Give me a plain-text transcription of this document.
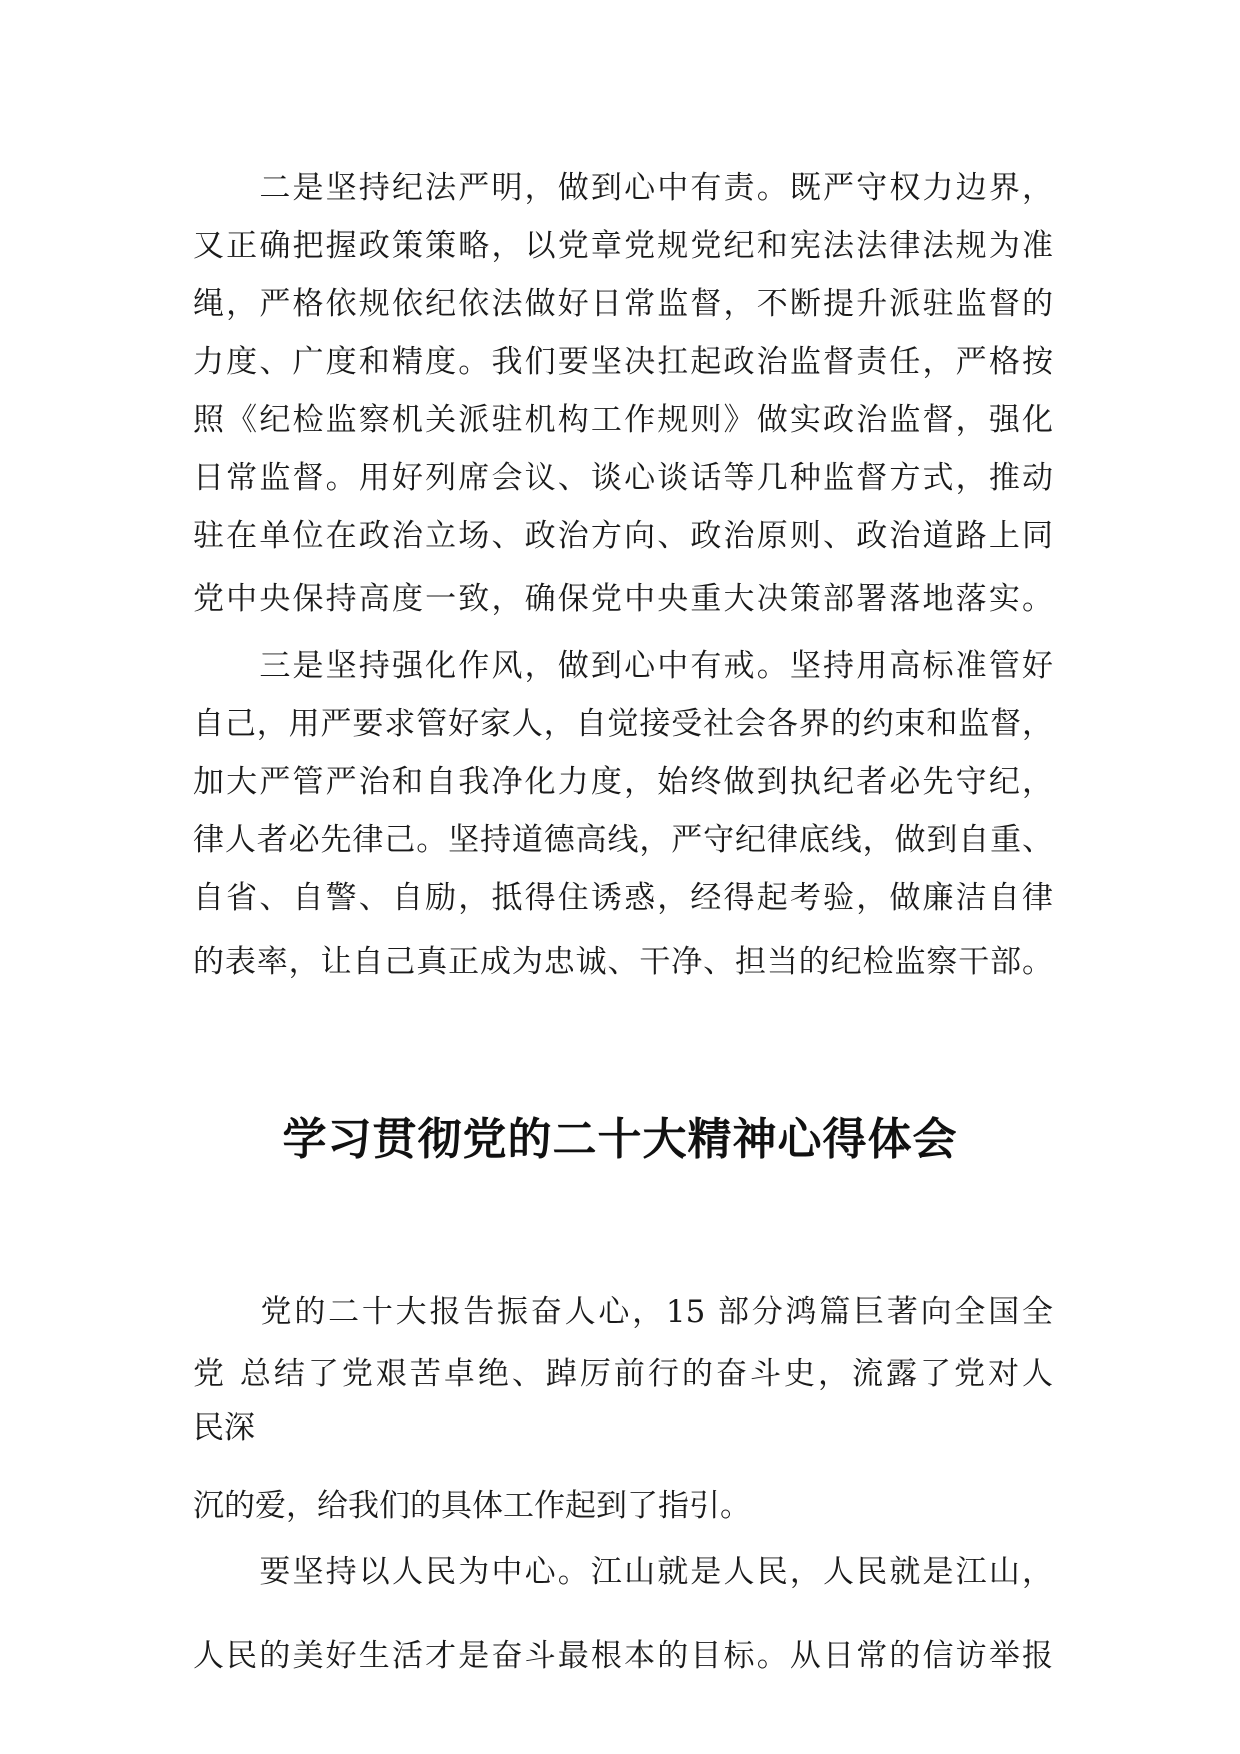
　　二是坚持纪法严明，做到心中有责。既严守权力边界，
又正确把握政策策略，以党章党规党纪和宪法法律法规为准
绳，严格依规依纪依法做好日常监督，不断提升派驻监督的
力度、广度和精度。我们要坚决扛起政治监督责任，严格按
照《纪检监察机关派驻机构工作规则》做实政治监督，强化
日常监督。用好列席会议、谈心谈话等几种监督方式，推动
驻在单位在政治立场、政治方向、政治原则、政治道路上同
党中央保持高度一致，确保党中央重大决策部署落地落实。
　　三是坚持强化作风，做到心中有戒。坚持用高标准管好
自己，用严要求管好家人，自觉接受社会各界的约束和监督，
加大严管严治和自我净化力度，始终做到执纪者必先守纪，
律人者必先律己。坚持道德高线，严守纪律底线，做到自重、
自省、自警、自励，抵得住诱惑，经得起考验，做廉洁自律
的表率，让自己真正成为忠诚、干净、担当的纪检监察干部。
学习贯彻党的二十大精神心得体会
　　党的二十大报告振奋人心，15 部分鸿篇巨著向全国全
党 总结了党艰苦卓绝、踔厉前行的奋斗史，流露了党对人
民深
沉的爱，给我们的具体工作起到了指引。
　　要坚持以人民为中心。江山就是人民，人民就是江山，
人民的美好生活才是奋斗最根本的目标。从日常的信访举报
